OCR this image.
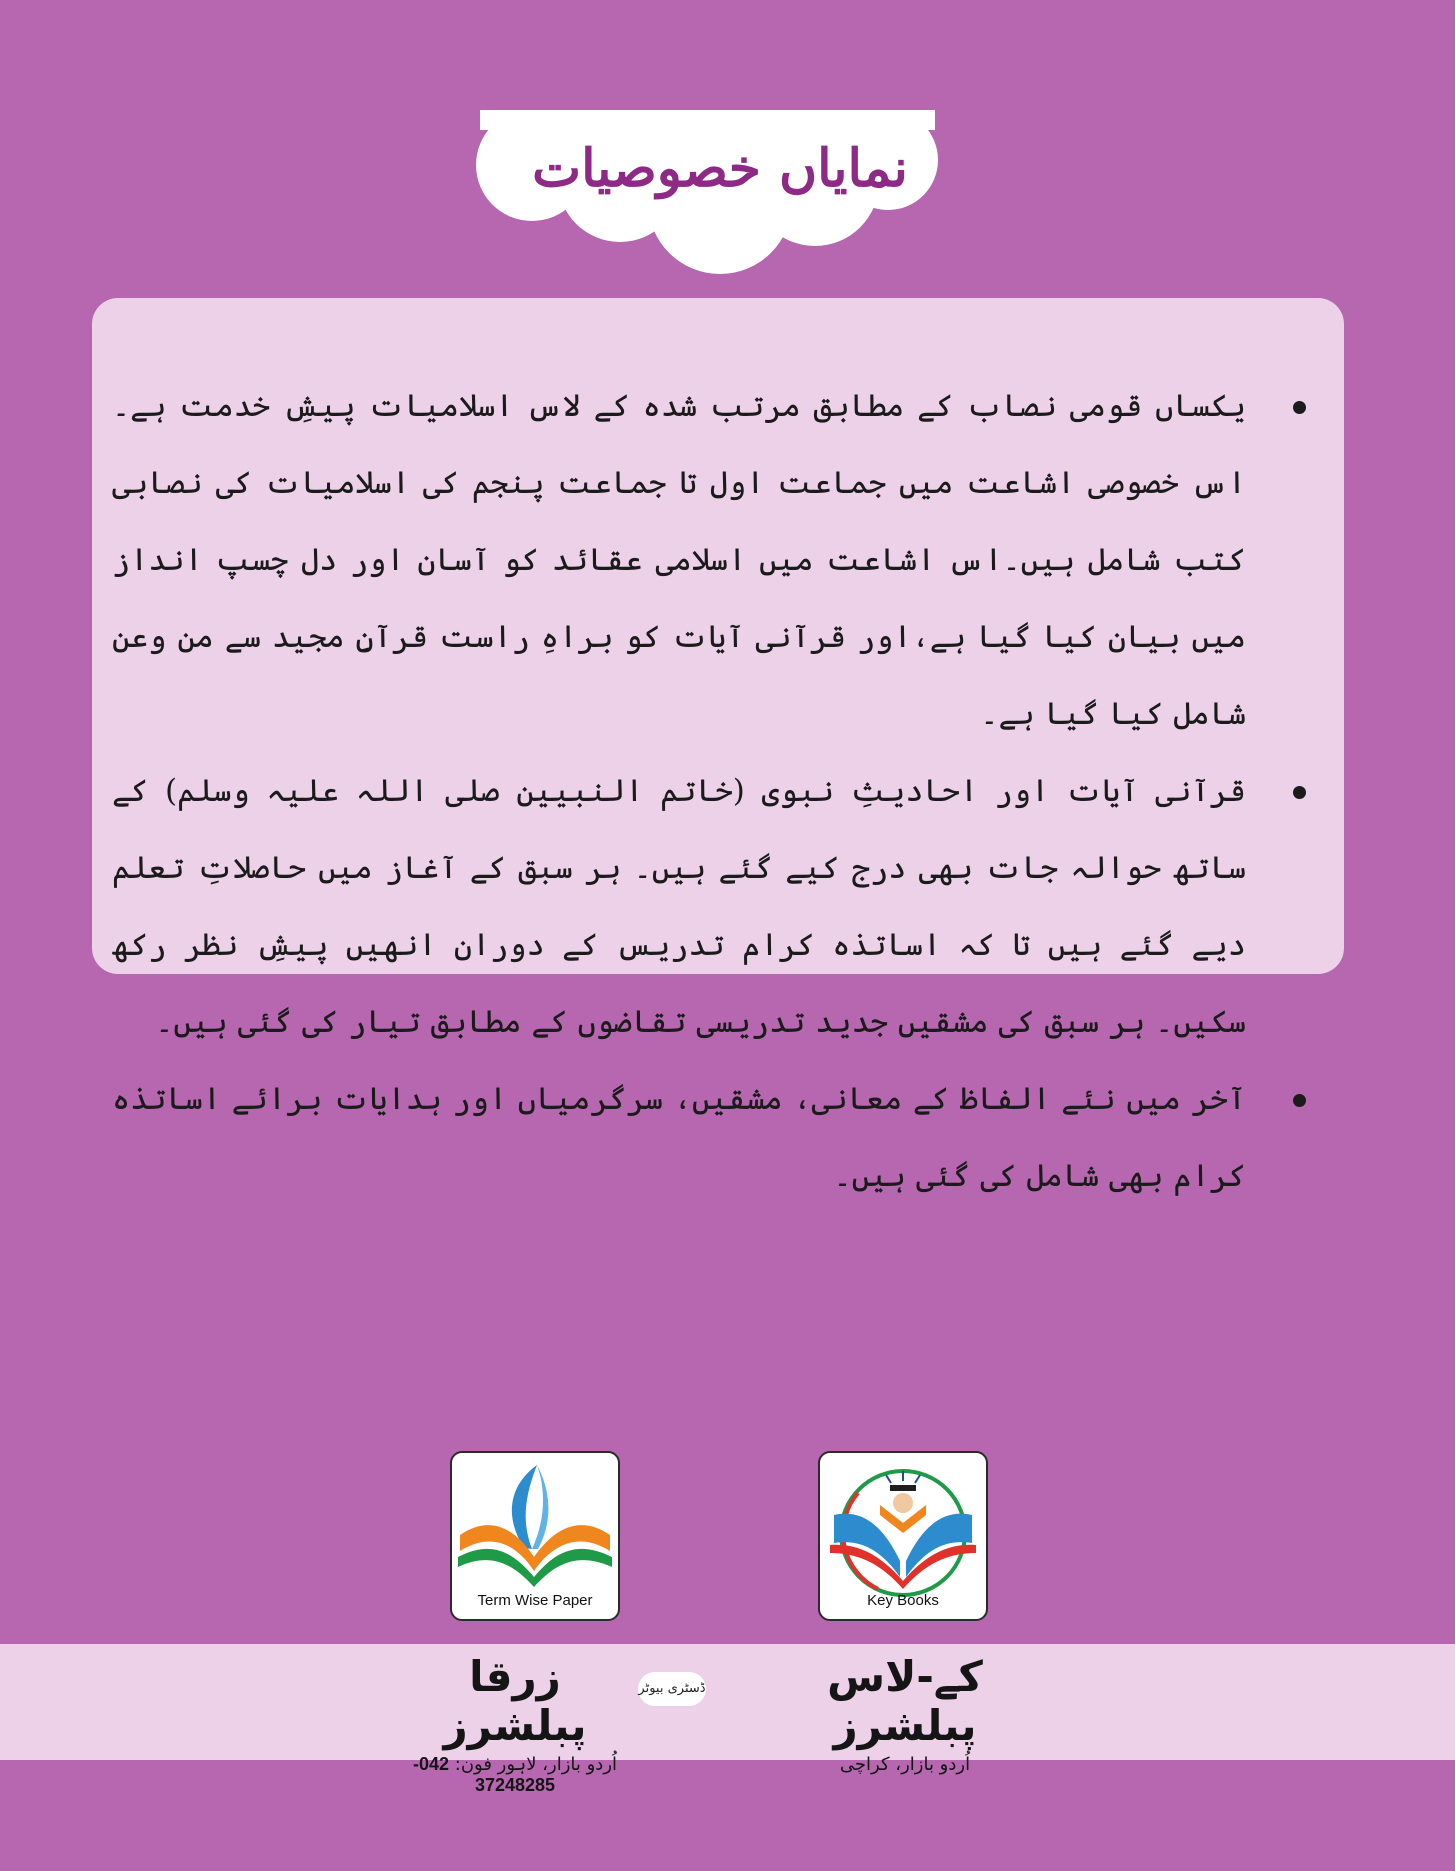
نمایاں خصوصیات
یکساں قومی نصاب کے مطابق مرتب شدہ کے لاس اسلامیات پیشِ خدمت ہے۔اس خصوصی اشاعت میں جماعت اول تا جماعت پنجم کی اسلامیات کی نصابی کتب شامل ہیں۔اس اشاعت میں اسلامی عقائد کو آسان اور دل چسپ انداز میں بیان کیا گیا ہے،اور قرآنی آیات کو براہِ راست قرآنِ مجید سے من وعن شامل کیا گیا ہے۔
قرآنی آیات اور احادیثِ نبوی (خاتم النبیین صلی اللہ علیہ وسلم) کے ساتھ حوالہ جات بھی درج کیے گئے ہیں۔ ہر سبق کے آغاز میں حاصلاتِ تعلم دیے گئے ہیں تا کہ اساتذہ کرام تدریس کے دوران انھیں پیشِ نظر رکھ سکیں۔ ہر سبق کی مشقیں جدید تدریسی تقاضوں کے مطابق تیار کی گئی ہیں۔
آخر میں نئے الفاظ کے معانی، مشقیں، سرگرمیاں اور ہدایات برائے اساتذہ کرام بھی شامل کی گئی ہیں۔
Term Wise Paper	Key Books
زرقا پبلشرز
اُردو بازار، لاہور فون: 042-37248285
ڈسٹری بیوٹر	کے-لاس پبلشرز
اُردو بازار، کراچی
